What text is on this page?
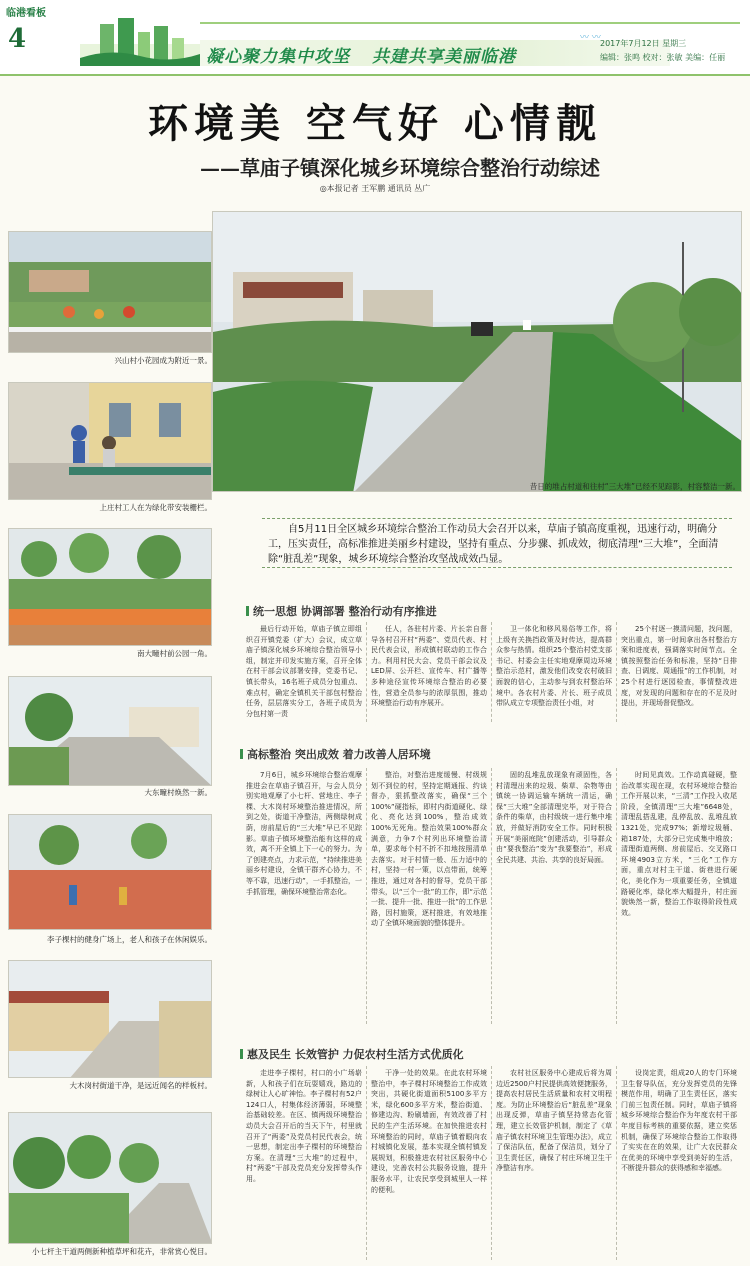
临港看板
4
凝心聚力集中攻坚 共建共享美丽临港
〰 〰
2017年7月12日 星期三
编辑：张鸣 校对：张敏 美编：任丽
环境美 空气好 心情靓
——草庙子镇深化城乡环境综合整治行动综述
◎本报记者 王军鹏 通讯员 丛广
昔日的堆占村道和往村“三大堆”已经不见踪影，村容整洁一新。
兴山村小花园成为附近一景。
上庄村工人在为绿化带安装栅栏。
南大疃村前公园一角。
大东疃村焕然一新。
李子棵村的健身广场上，老人和孩子在休闲娱乐。
大木岗村街道干净，是远近闻名的样板村。
小七杆主干道两侧新种植草坪和花卉，非常赏心悦目。

自5月11日全区城乡环境综合整治工作动员大会召开以来，草庙子镇高度重视，迅速行动，明确分工，压实责任，高标准推进美丽乡村建设，坚持有重点、分步骤、抓成效，彻底清理“三大堆”，全面清除“脏乱差”现象，城乡环境综合整治攻坚战成效凸显。

统一思想 协调部署 整治行动有序推进
最后行动开始，草庙子镇立即组织召开镇党委（扩大）会议，成立草庙子镇深化城乡环境综合整治领导小组，制定并印发实施方案，召开全体在村干部会议部署安排，党委书记、镇长带头，16名班子成员分包重点、难点村，确定全镇机关干部包村整治任务，层层落实分工，各班子成员为分包村第一责
任人，各驻村片委、片长亲自督导各村召开村“两委”、党员代表、村民代表会议，形成镇村联动的工作合力。利用村民大会、党员干部会议及LED屏、公开栏、宣传车、村广播等多种途径宣传环境综合整治的必要性，营造全员参与的浓厚氛围，推动环境整治行动有序展开。
卫一体化和移风易俗等工作，将上级有关换挡政策及时传达，提高群众参与热情。组织25个整治村党支部书记、村委会主任实地观摩周边环境整治示范村，激发他们改变农村破旧面貌的信心，主动参与到农村整治环境中。各农村片委、片长、班子成员带队成立专项整治责任小组，对
25个村逐一摸清问题，找问题，突出重点，第一时间拿出各村整治方案和进度表，强调落实时间节点。全镇按照整治任务和标准，坚持“日排查、日调度、周通报”的工作机制，对25个村进行逐园检查，事情整改进度，对发现的问题和存在的不足及时提出，并现场督促整改。
高标整治 突出成效 着力改善人居环境
7月6日，城乡环境综合整治观摩推进会在草庙子镇召开，与会人员分别实地观摩了小七杆、营地庄、李子棵、大木岗村环境整治推进情况，所到之处，街道干净整洁，两侧绿树成荫，房前屋后的“三大堆”早已不见踪影。草庙子镇环境整治能有这样的成效，离不开全镇上下一心的努力。为了创建亮点，力求示范，“持续推进美丽乡村建设，全镇干群齐心协力，不等不靠，迅速行动”，一手抓整治，一手抓管理，确保环境整治常态化。
整治，对整治进度缓慢、村级规划不到位的村，坚持定期通报、约谈督办，狠抓整改落实，确保“三个100%”硬指标，即村内街道硬化、绿化、亮化达到100%，整治成效100%无死角。整治效果100%群众满意，力争7个村列出环境整治清单，要求每个村不折不扣地按照清单去落实。对于村情一般、压力适中的村，坚持一村一策，以点带面，统筹推进，通过对各村的督导，党员干部带头，以“三个一批”的工作，即“示范一批、提升一批、推进一批”的工作思路，因村施策，逐村推进，有效地推动了全镇环境面貌的整体提升。
固的乱堆乱放现象有顽固性，各村清理出来的垃圾、柴草、杂物等由镇统一协调运输车辆统一清运，确保“三大堆”全部清理完毕，对于符合条件的柴草，由村级统一进行集中堆放，并做好消防安全工作。同时积极开展“美丽庭院”创建活动，引导群众由“要我整治”变为“我要整治”，形成全民共建、共治、共享的良好局面。
时间见真效。工作动真碰硬，整治改革实现在现，农村环境综合整治工作开展以来，“三清”工作投入收尾阶段，全镇清理“三大堆”6648处，清理乱搭乱建，乱停乱放、乱堆乱放1321处，完成97%；新增垃圾桶、箱187处，大部分已完成集中堆放；清理街道两侧、房前屋后、交叉路口环境4903立方米，“三化”工作方面，重点对村主干道、街巷进行硬化，美化作为一项重要任务，全镇道路硬化率，绿化率大幅提升，村庄面貌焕然一新，整治工作取得阶段性成效。
惠及民生 长效管护 力促农村生活方式优质化
走进李子棵村，村口的小广场崭新，人和孩子们在玩耍嬉戏，路边的绿树让人心旷神怡。李子棵村有52户124口人，村集体经济薄弱，环境整治基础较差。在区、镇两级环境整治动员大会召开后的当天下午，村里就召开了“两委”及党员村民代表会，统一思想，制定出李子棵村的环境整治方案。在清理“三大堆”的过程中，村“两委”干部及党员充分发挥带头作用。
干净一处的效果。在此农村环境整治中，李子棵村环境整治工作成效突出，共硬化街道面积5100多平方米，绿化600多平方米，整治街道、修建边沟、粉刷墙面，有效改善了村民的生产生活环境。在加快推进农村环境整治的同时，草庙子镇着眼向农村城镇化发展，基本实现全镇村镇发展规划，积极推进农村社区服务中心建设，完善农村公共服务设施，提升服务水平，让农民享受到城里人一样的便利。
农村社区服务中心建成后将为周边近2500户村民提供高效便捷服务，提高农村居民生活质量和农村文明程度。为防止环境整治后“脏乱差”现象出现反弹，草庙子镇坚持常态化管理，建立长效管护机制，制定了《草庙子镇农村环境卫生管理办法》，成立了保洁队伍，配备了保洁员，划分了卫生责任区，确保了村庄环境卫生干净整洁有序。
设岗定责，组成20人的专门环境卫生督导队伍，充分发挥党员的先锋模范作用，明确了卫生责任区，落实门前三包责任制。同时，草庙子镇将城乡环境综合整治作为年度农村干部年度目标考核的重要依据，建立奖惩机制，确保了环境综合整治工作取得了实实在在的效果，让广大农民群众在优美的环境中享受到美好的生活，不断提升群众的获得感和幸福感。
